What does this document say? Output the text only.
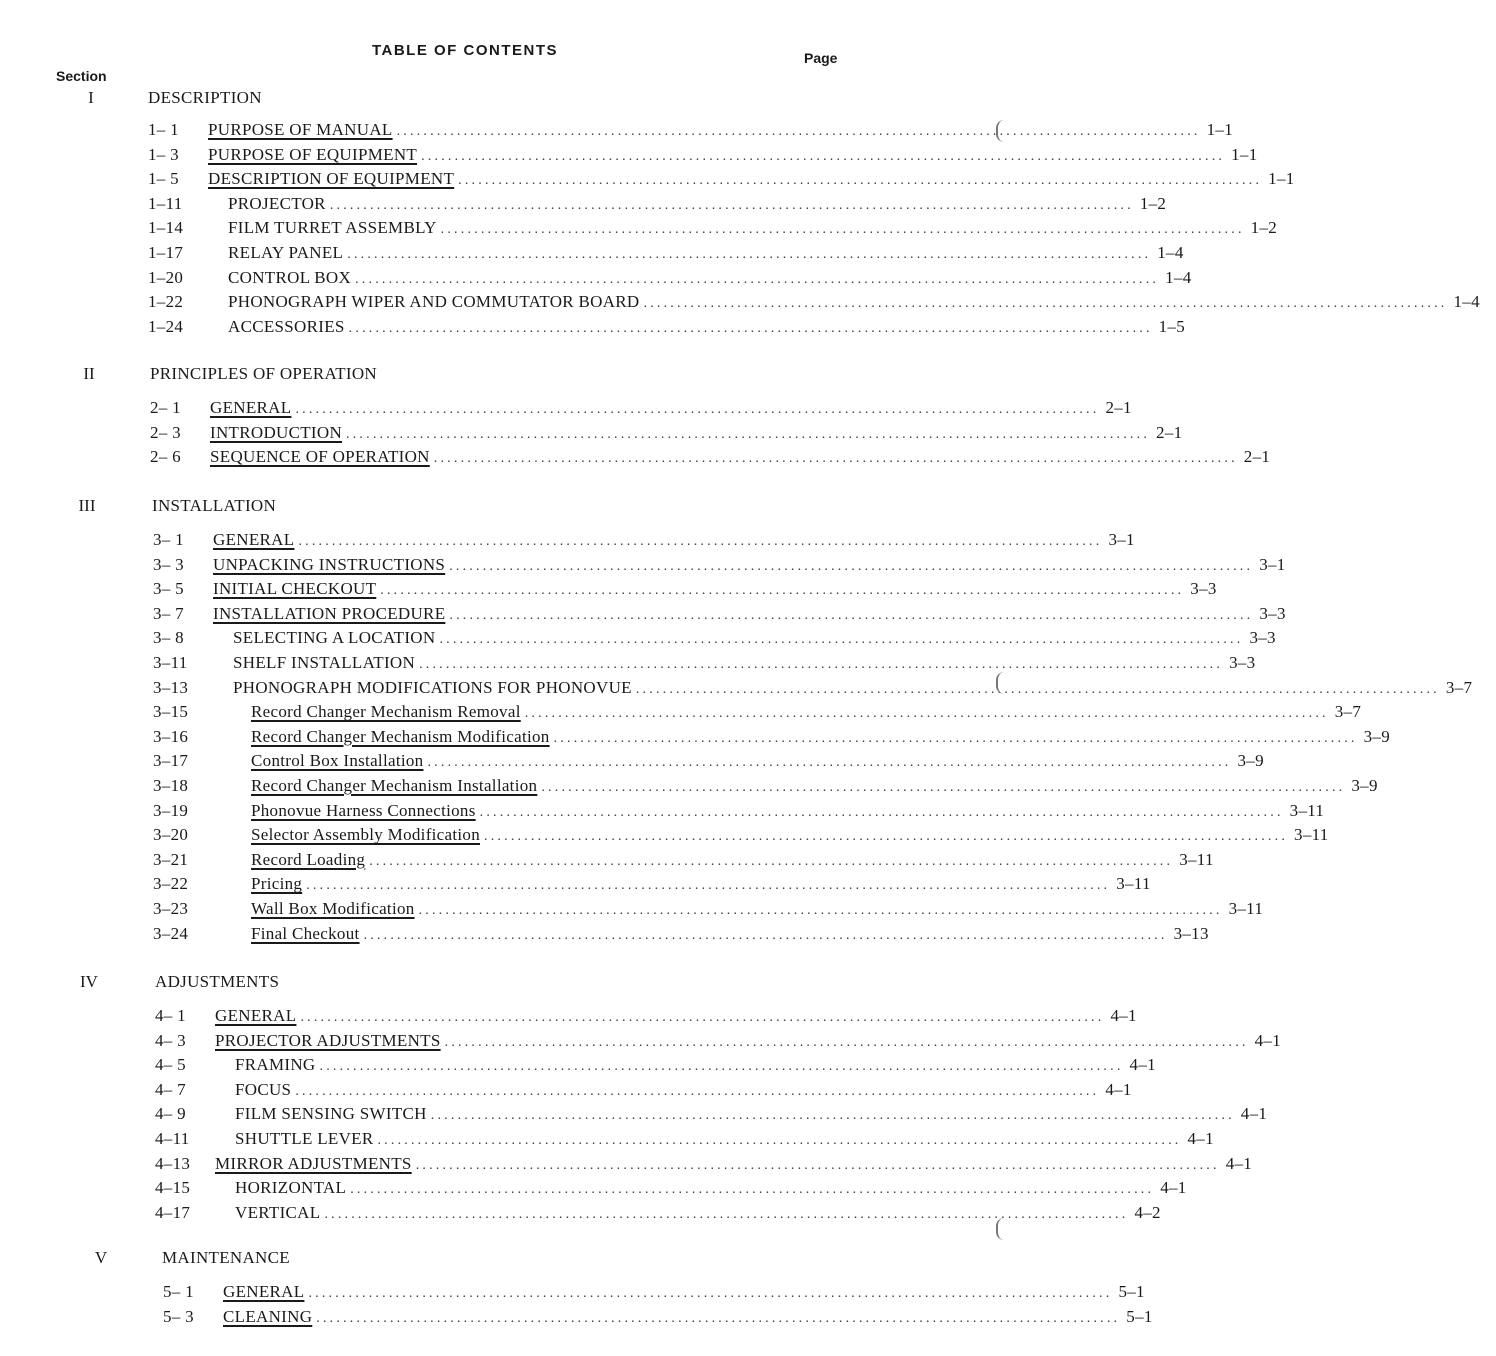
TABLE OF CONTENTS	Page
Section
I	DESCRIPTION
1– 1	PURPOSE OF MANUAL ........................................................................................................................ 1–1
1– 3	PURPOSE OF EQUIPMENT ........................................................................................................................ 1–1
1– 5	DESCRIPTION OF EQUIPMENT ........................................................................................................................ 1–1
1–11	PROJECTOR ........................................................................................................................ 1–2
1–14	FILM TURRET ASSEMBLY ........................................................................................................................ 1–2
1–17	RELAY PANEL ........................................................................................................................ 1–4
1–20	CONTROL BOX ........................................................................................................................ 1–4
1–22	PHONOGRAPH WIPER AND COMMUTATOR BOARD ........................................................................................................................ 1–4
1–24	ACCESSORIES ........................................................................................................................ 1–5
II	PRINCIPLES OF OPERATION
2– 1	GENERAL ........................................................................................................................ 2–1
2– 3	INTRODUCTION ........................................................................................................................ 2–1
2– 6	SEQUENCE OF OPERATION ........................................................................................................................ 2–1
III	INSTALLATION
3– 1	GENERAL ........................................................................................................................ 3–1
3– 3	UNPACKING INSTRUCTIONS ........................................................................................................................ 3–1
3– 5	INITIAL CHECKOUT ........................................................................................................................ 3–3
3– 7	INSTALLATION PROCEDURE ........................................................................................................................ 3–3
3– 8	SELECTING A LOCATION ........................................................................................................................ 3–3
3–11	SHELF INSTALLATION ........................................................................................................................ 3–3
3–13	PHONOGRAPH MODIFICATIONS FOR PHONOVUE ........................................................................................................................ 3–7
3–15	Record Changer Mechanism Removal ........................................................................................................................ 3–7
3–16	Record Changer Mechanism Modification ........................................................................................................................ 3–9
3–17	Control Box Installation ........................................................................................................................ 3–9
3–18	Record Changer Mechanism Installation ........................................................................................................................ 3–9
3–19	Phonovue Harness Connections ........................................................................................................................ 3–11
3–20	Selector Assembly Modification ........................................................................................................................ 3–11
3–21	Record Loading ........................................................................................................................ 3–11
3–22	Pricing ........................................................................................................................ 3–11
3–23	Wall Box Modification ........................................................................................................................ 3–11
3–24	Final Checkout ........................................................................................................................ 3–13
IV	ADJUSTMENTS
4– 1	GENERAL ........................................................................................................................ 4–1
4– 3	PROJECTOR ADJUSTMENTS ........................................................................................................................ 4–1
4– 5	FRAMING ........................................................................................................................ 4–1
4– 7	FOCUS ........................................................................................................................ 4–1
4– 9	FILM SENSING SWITCH ........................................................................................................................ 4–1
4–11	SHUTTLE LEVER ........................................................................................................................ 4–1
4–13	MIRROR ADJUSTMENTS ........................................................................................................................ 4–1
4–15	HORIZONTAL ........................................................................................................................ 4–1
4–17	VERTICAL ........................................................................................................................ 4–2
V	MAINTENANCE
5– 1	GENERAL ........................................................................................................................ 5–1
5– 3	CLEANING ........................................................................................................................ 5–1
